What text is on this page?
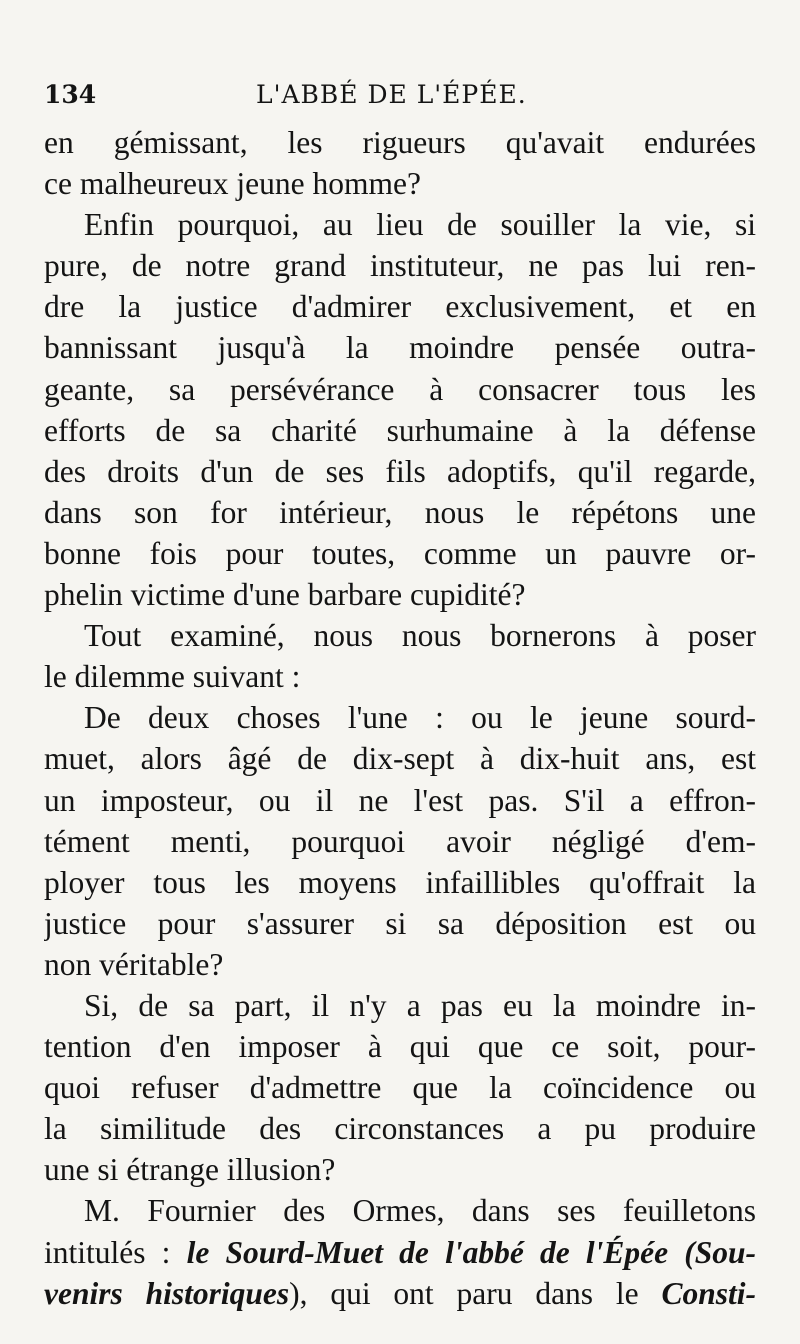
134	L'ABBÉ DE L'ÉPÉE.
en gémissant, les rigueurs qu'avait endurées
ce malheureux jeune homme?
Enfin pourquoi, au lieu de souiller la vie, si
pure, de notre grand instituteur, ne pas lui ren-
dre la justice d'admirer exclusivement, et en
bannissant jusqu'à la moindre pensée outra-
geante, sa persévérance à consacrer tous les
efforts de sa charité surhumaine à la défense
des droits d'un de ses fils adoptifs, qu'il regarde,
dans son for intérieur, nous le répétons une
bonne fois pour toutes, comme un pauvre or-
phelin victime d'une barbare cupidité?
Tout examiné, nous nous bornerons à poser
le dilemme suivant :
De deux choses l'une : ou le jeune sourd-
muet, alors âgé de dix-sept à dix-huit ans, est
un imposteur, ou il ne l'est pas. S'il a effron-
tément menti, pourquoi avoir négligé d'em-
ployer tous les moyens infaillibles qu'offrait la
justice pour s'assurer si sa déposition est ou
non véritable?
Si, de sa part, il n'y a pas eu la moindre in-
tention d'en imposer à qui que ce soit, pour-
quoi refuser d'admettre que la coïncidence ou
la similitude des circonstances a pu produire
une si étrange illusion?
M. Fournier des Ormes, dans ses feuilletons
intitulés : le Sourd-Muet de l'abbé de l'Épée (Sou-
venirs historiques), qui ont paru dans le Consti-
